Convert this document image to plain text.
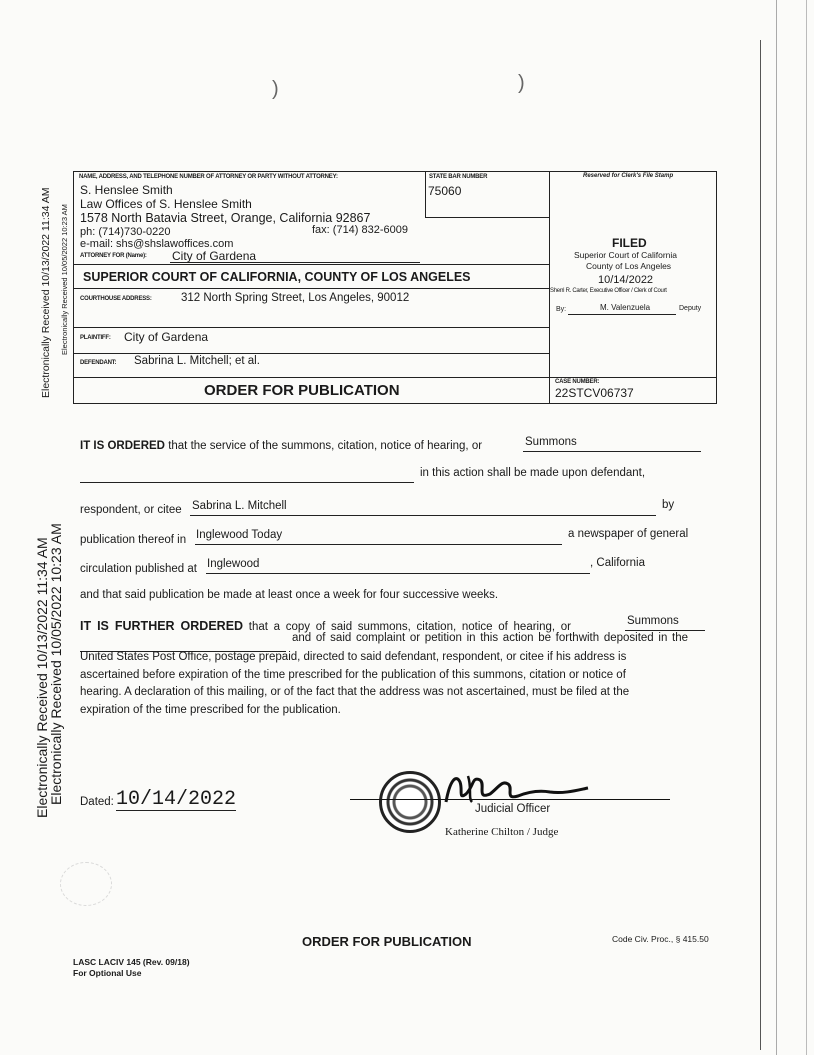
)	)
Electronically Received 10/13/2022 11:34 AM Electronically Received 10/05/2022 10:23 AM
Electronically Received 10/13/2022 11:34 AM
Electronically Received 10/05/2022 10:23 AM
NAME, ADDRESS, AND TELEPHONE NUMBER OF ATTORNEY OR PARTY WITHOUT ATTORNEY:
S. Henslee Smith
Law Offices of S. Henslee Smith
1578 North Batavia Street, Orange, California 92867
ph: (714)730-0220	fax: (714) 832-6009
e-mail: shs@shslawoffices.com
ATTORNEY FOR (Name): City of Gardena
STATE BAR NUMBER
75060
Reserved for Clerk's File Stamp
SUPERIOR COURT OF CALIFORNIA, COUNTY OF LOS ANGELES
COURTHOUSE ADDRESS:	312 North Spring Street, Los Angeles, 90012
PLAINTIFF: City of Gardena
DEFENDANT: Sabrina L. Mitchell; et al.
ORDER FOR PUBLICATION	CASE NUMBER:
22STCV06737
FILED
Superior Court of California
County of Los Angeles
10/14/2022
Sherri R. Carter, Executive Officer / Clerk of Court
By:	M. Valenzuela	Deputy
IT IS ORDERED that the service of the summons, citation, notice of hearing, or	Summons
in this action shall be made upon defendant,
respondent, or citee Sabrina L. Mitchell	by
publication thereof in Inglewood Today	a newspaper of general
circulation published at Inglewood	, California
and that said publication be made at least once a week for four successive weeks.
IT IS FURTHER ORDERED that a copy of said summons, citation, notice of hearing, or	Summons
and of said complaint or petition in this action be forthwith deposited in the
United States Post Office, postage prepaid, directed to said defendant, respondent, or citee if his address is
ascertained before expiration of the time prescribed for the publication of this summons, citation or notice of
hearing. A declaration of this mailing, or of the fact that the address was not ascertained, must be filed at the
expiration of the time prescribed for the publication.
Dated: 10/14/2022	Judicial Officer
Katherine Chilton / Judge
ORDER FOR PUBLICATION	Code Civ. Proc., § 415.50
LASC LACIV 145 (Rev. 09/18)
For Optional Use
